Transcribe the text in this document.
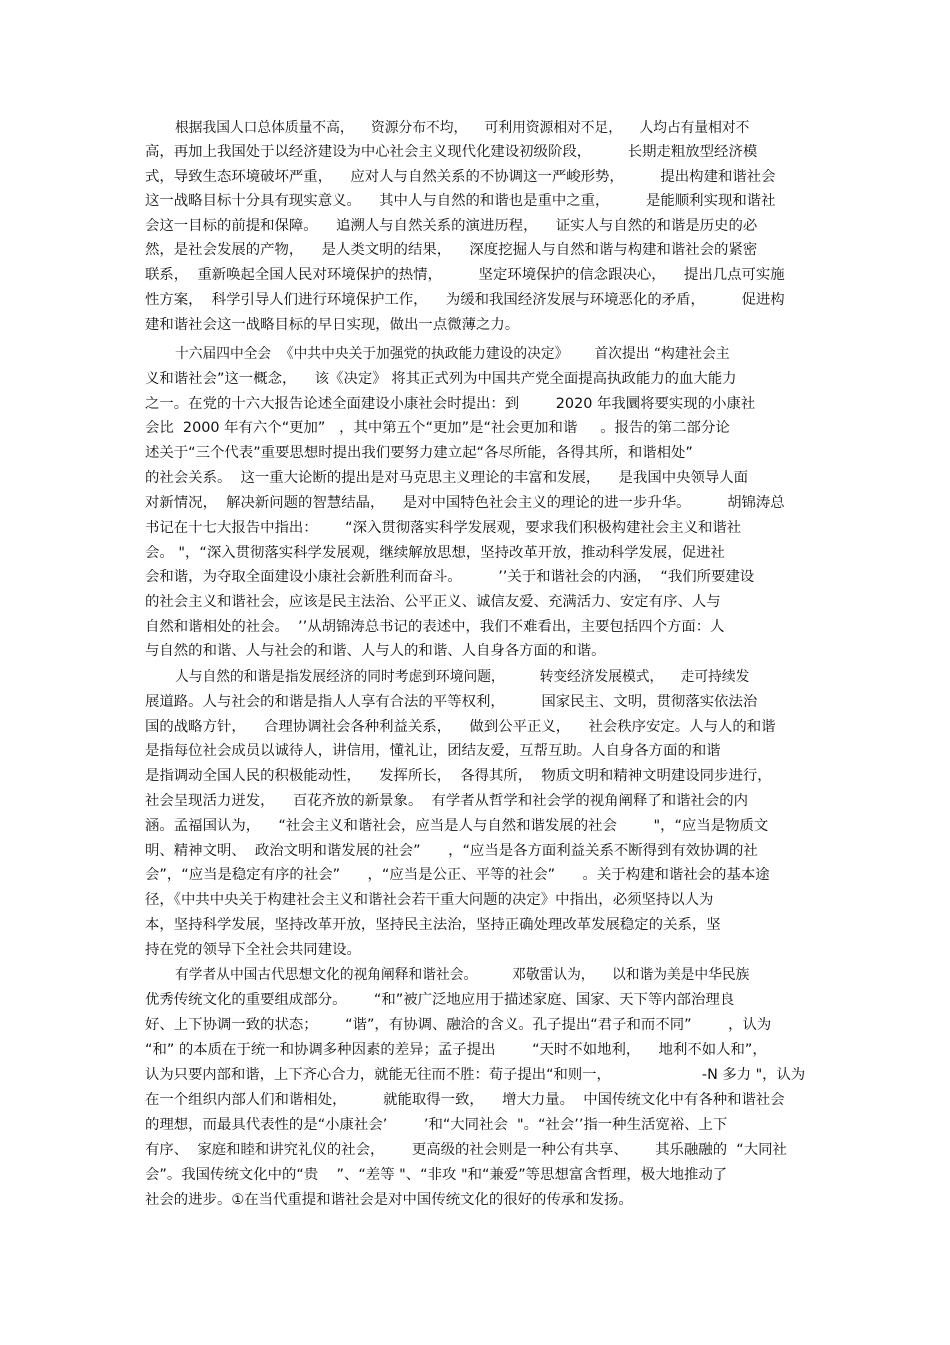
根据我国人口总体质量不高，    资源分布不均，    可利用资源相对不足，    人均占有量相对不
高，再加上我国处于以经济建设为中心社会主义现代化建设初级阶段，        长期走粗放型经济模
式，导致生态环境破坏严重，    应对人与自然关系的不协调这一严峻形势，        提出构建和谐社会
这一战略目标十分具有现实意义。    其中人与自然的和谐也是重中之重，        是能顺利实现和谐社
会这一目标的前提和保障。    追溯人与自然关系的演进历程，    证实人与自然的和谐是历史的必
然，是社会发展的产物，    是人类文明的结果，    深度挖掘人与自然和谐与构建和谐社会的紧密
联系，  重新唤起全国人民对环境保护的热情，        坚定环境保护的信念跟决心，    提出几点可实施
性方案，  科学引导人们进行环境保护工作，    为缓和我国经济发展与环境恶化的矛盾，        促进构
建和谐社会这一战略目标的早日实现，做出一点微薄之力。
十六届四中全会  《中共中央关于加强党的执政能力建设的决定》      首次提出 “构建社会主
义和谐社会”这一概念，    该《决定》 将其正式列为中国共产党全面提高执政能力的血大能力
之一。在党的十六大报告论述全面建设小康社会时提出：到        2020 年我圜将要实现的小康社
会比  2000 年有六个“更加”   ，其中第五个“更加”是“社会更加和谐     。报告的第二部分论
述关于“三个代表”重要思想时提出我们要努力建立起“各尽所能，各得其所，和谐相处”
的社会关系。  这一重大论断的提出是对马克思主义理论的丰富和发展，    是我国中央领导人面
对新情况，  解决新问题的智慧结晶，    是对中国特色社会主义的理论的进一步升华。        胡锦涛总
书记在十七大报告中指出：      “深入贯彻落实科学发展观，要求我们积极构建社会主义和谐社
会。 "，“深入贯彻落实科学发展观，继续解放思想，坚持改革开放，推动科学发展，促进社
会和谐，为夺取全面建设小康社会新胜利而奋斗。        ’’关于和谐社会的内涵，  “我们所要建设
的社会主义和谐社会，应该是民主法治、公平正义、诚信友爱、充满活力、安定有序、人与
自然和谐相处的社会。  ’’从胡锦涛总书记的表述中，我们不难看出，主要包括四个方面：人
与自然的和谐、人与社会的和谐、人与人的和谐、人自身各方面的和谐。
人与自然的和谐是指发展经济的同时考虑到环境问题，        转变经济发展模式，    走可持续发
展道路。人与社会的和谐是指人人享有合法的平等权利，        国家民主、文明，贯彻落实依法治
国的战略方针，    合理协调社会各种利益关系，    做到公平正义，    社会秩序安定。人与人的和谐
是指每位社会成员以诚待人，讲信用，懂礼让，团结友爱，互帮互助。人自身各方面的和谐
是指调动全国人民的积极能动性，    发挥所长，  各得其所，  物质文明和精神文明建设同步进行，
社会呈现活力迸发，    百花齐放的新景象。  有学者从哲学和社会学的视角阐释了和谐社会的内
涵。孟福国认为，    “社会主义和谐社会，应当是人与自然和谐发展的社会        "，“应当是物质文
明、精神文明、  政治文明和谐发展的社会”      ，“应当是各方面利益关系不断得到有效协调的社
会”，“应当是稳定有序的社会”      ，“应当是公正、平等的社会”      。关于构建和谐社会的基本途
径，《中共中央关于构建社会主义和谐社会若干重大问题的决定》中指出，必须坚持以人为
本，坚持科学发展，坚持改革开放，坚持民主法治，坚持正确处理改革发展稳定的关系，坚
持在党的领导下全社会共同建设。
有学者从中国古代思想文化的视角阐释和谐社会。        邓敬雷认为，    以和谐为美是中华民族
优秀传统文化的重要组成部分。      “和”被广泛地应用于描述家庭、国家、天下等内部治理良
好、上下协调一致的状态；      “谐”，有协调、融洽的含义。孔子提出“君子和而不同”        ，认为
“和” 的本质在于统一和协调多种因素的差异；孟子提出        “天时不如地利，    地利不如人和”，
认为只要内部和谐，上下齐心合力，就能无往而不胜：荀子提出“和则一，                    -N 多力 "，认为
在一个组织内部人们和谐相处，        就能取得一致，    增大力量。  中国传统文化中有各种和谐社会
的理想，而最具代表性的是“小康社会’        ’和“大同社会  "。“社会’’指一种生活宽裕、上下
有序、  家庭和睦和讲究礼仪的社会，      更高级的社会则是一种公有共享、      其乐融融的  “大同社
会”。我国传统文化中的“贵    ”、“差等 "、“非攻 "和“兼爱”等思想富含哲理，极大地推动了
社会的进步。①在当代重提和谐社会是对中国传统文化的很好的传承和发扬。
